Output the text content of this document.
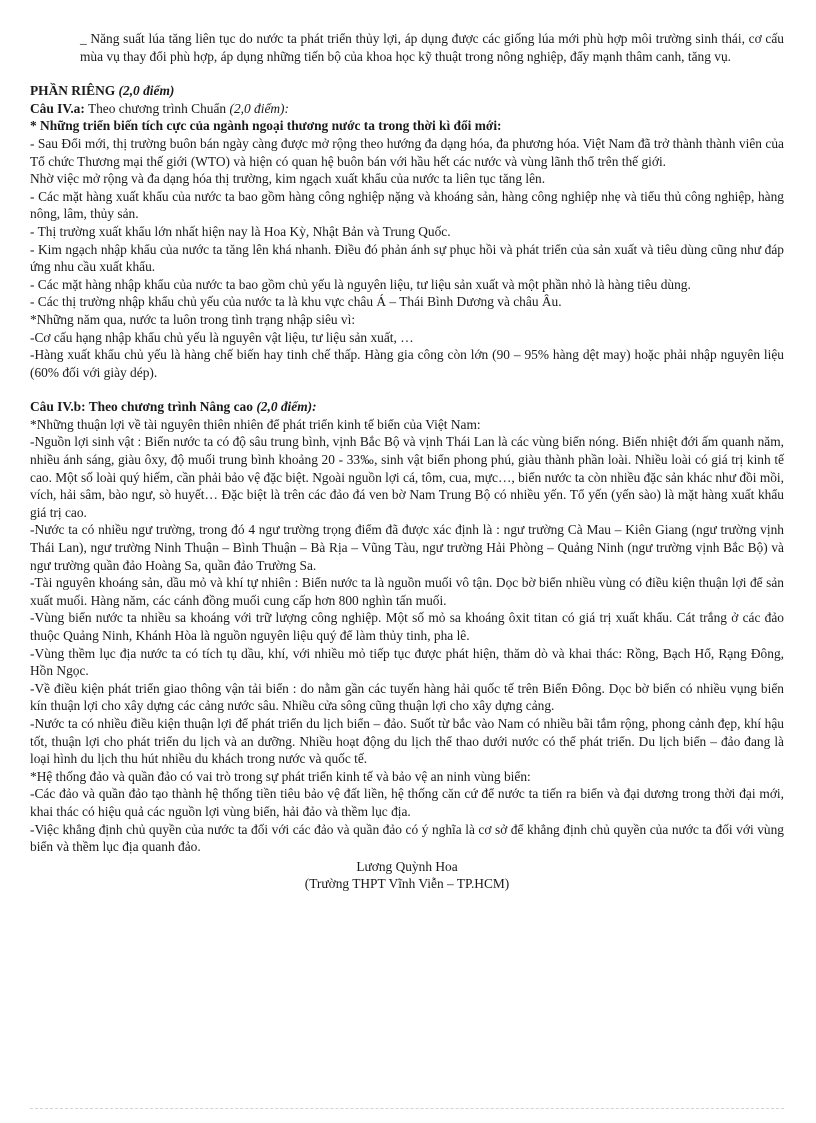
_ Năng suất lúa tăng liên tục do nước ta phát triển thủy lợi, áp dụng được các giống lúa mới phù hợp môi trường sinh thái, cơ cấu mùa vụ thay đổi phù hợp, áp dụng những tiến bộ của khoa học kỹ thuật trong nông nghiệp, đẩy mạnh thâm canh, tăng vụ.

PHẦN RIÊNG (2,0 điểm)
Câu IV.a: Theo chương trình Chuẩn (2,0 điểm):
* Những triển biến tích cực của ngành ngoại thương nước ta trong thời kì đổi mới:

- Sau Đổi mới, thị trường buôn bán ngày càng được mở rộng theo hướng đa dạng hóa, đa phương hóa. Việt Nam đã trở thành thành viên của Tổ chức Thương mại thế giới (WTO) và hiện có quan hệ buôn bán với hầu hết các nước và vùng lãnh thổ trên thế giới.

Nhờ việc mở rộng và đa dạng hóa thị trường, kim ngạch xuất khẩu của nước ta liên tục tăng lên.

- Các mặt hàng xuất khẩu của nước ta bao gồm hàng công nghiệp nặng và khoáng sản, hàng công nghiệp nhẹ và tiểu thủ công nghiệp, hàng nông, lâm, thủy sản.

- Thị trường xuất khẩu lớn nhất hiện nay là Hoa Kỳ, Nhật Bản và Trung Quốc.

- Kim ngạch nhập khẩu của nước ta tăng lên khá nhanh. Điều đó phản ánh sự phục hồi và phát triển của sản xuất và tiêu dùng cũng như đáp ứng nhu cầu xuất khẩu.

- Các mặt hàng nhập khẩu của nước ta bao gồm chủ yếu là nguyên liệu, tư liệu sản xuất và một phần nhỏ là hàng tiêu dùng.

- Các thị trường nhập khẩu chủ yếu của nước ta là khu vực châu Á – Thái Bình Dương và châu Âu.

*Những năm qua, nước ta luôn trong tình trạng nhập siêu vì:

-Cơ cấu hạng nhập khẩu chủ yếu là nguyên vật liệu, tư liệu sản xuất, …

-Hàng xuất khẩu chủ yếu là hàng chế biến hay tinh chế thấp. Hàng gia công còn lớn (90 – 95% hàng dệt may) hoặc phải nhập nguyên liệu (60% đối với giày dép).

Câu IV.b: Theo chương trình Nâng cao (2,0 điểm):

*Những thuận lợi về tài nguyên thiên nhiên để phát triển kinh tế biển của Việt Nam:

-Nguồn lợi sinh vật : Biển nước ta có độ sâu trung bình, vịnh Bắc Bộ và vịnh Thái Lan là các vùng biển nóng. Biển nhiệt đới ấm quanh năm, nhiều ánh sáng, giàu ôxy, độ muối trung bình khoảng 20 - 33‰, sinh vật biển phong phú, giàu thành phần loài. Nhiều loài có giá trị kinh tế cao. Một số loài quý hiếm, cần phải bảo vệ đặc biệt. Ngoài nguồn lợi cá, tôm, cua, mực…, biển nước ta còn nhiều đặc sản khác như đồi mồi, vích, hải sâm, bào ngư, sò huyết… Đặc biệt là trên các đảo đá ven bờ Nam Trung Bộ có nhiều yến. Tổ yến (yến sào) là mặt hàng xuất khẩu giá trị cao.

-Nước ta có nhiều ngư trường, trong đó 4 ngư trường trọng điểm đã được xác định là : ngư trường Cà Mau – Kiên Giang (ngư trường vịnh Thái Lan), ngư trường Ninh Thuận – Bình Thuận – Bà Rịa – Vũng Tàu, ngư trường Hải Phòng – Quảng Ninh (ngư trường vịnh Bắc Bộ) và ngư trường quần đảo Hoàng Sa, quần đảo Trường Sa.

-Tài nguyên khoáng sản, dầu mỏ và khí tự nhiên : Biển nước ta là nguồn muối vô tận. Dọc bờ biển nhiều vùng có điều kiện thuận lợi để sản xuất muối. Hàng năm, các cánh đồng muối cung cấp hơn 800 nghìn tấn muối.

-Vùng biển nước ta nhiều sa khoáng với trữ lượng công nghiệp. Một số mỏ sa khoáng ôxit titan có giá trị xuất khẩu. Cát trắng ở các đảo thuộc Quảng Ninh, Khánh Hòa là nguồn nguyên liệu quý để làm thủy tinh, pha lê.

-Vùng thềm lục địa nước ta có tích tụ dầu, khí, với nhiều mỏ tiếp tục được phát hiện, thăm dò và khai thác: Rồng, Bạch Hổ, Rạng Đông, Hồn Ngọc.

-Về điều kiện phát triển giao thông vận tải biển : do nằm gần các tuyến hàng hải quốc tế trên Biển Đông. Dọc bờ biển có nhiều vụng biển kín thuận lợi cho xây dựng các cảng nước sâu. Nhiều cửa sông cũng thuận lợi cho xây dựng cảng.

-Nước ta có nhiều điều kiện thuận lợi để phát triển du lịch biển – đảo. Suốt từ bắc vào Nam có nhiều bãi tắm rộng, phong cảnh đẹp, khí hậu tốt, thuận lợi cho phát triển du lịch và an dưỡng. Nhiều hoạt động du lịch thể thao dưới nước có thể phát triển. Du lịch biển – đảo đang là loại hình du lịch thu hút nhiều du khách trong nước và quốc tế.

*Hệ thống đảo và quần đảo có vai trò trong sự phát triển kinh tế và bảo vệ an ninh vùng biển:

-Các đảo và quần đảo tạo thành hệ thống tiền tiêu bảo vệ đất liền, hệ thống căn cứ để nước ta tiến ra biển và đại dương trong thời đại mới, khai thác có hiệu quả các nguồn lợi vùng biển, hải đảo và thềm lục địa.

-Việc khẳng định chủ quyền của nước ta đối với các đảo và quần đảo có ý nghĩa là cơ sở để khẳng định chủ quyền của nước ta đối với vùng biển và thềm lục địa quanh đảo.

Lương Quỳnh Hoa
(Trường THPT Vĩnh Viễn – TP.HCM)
